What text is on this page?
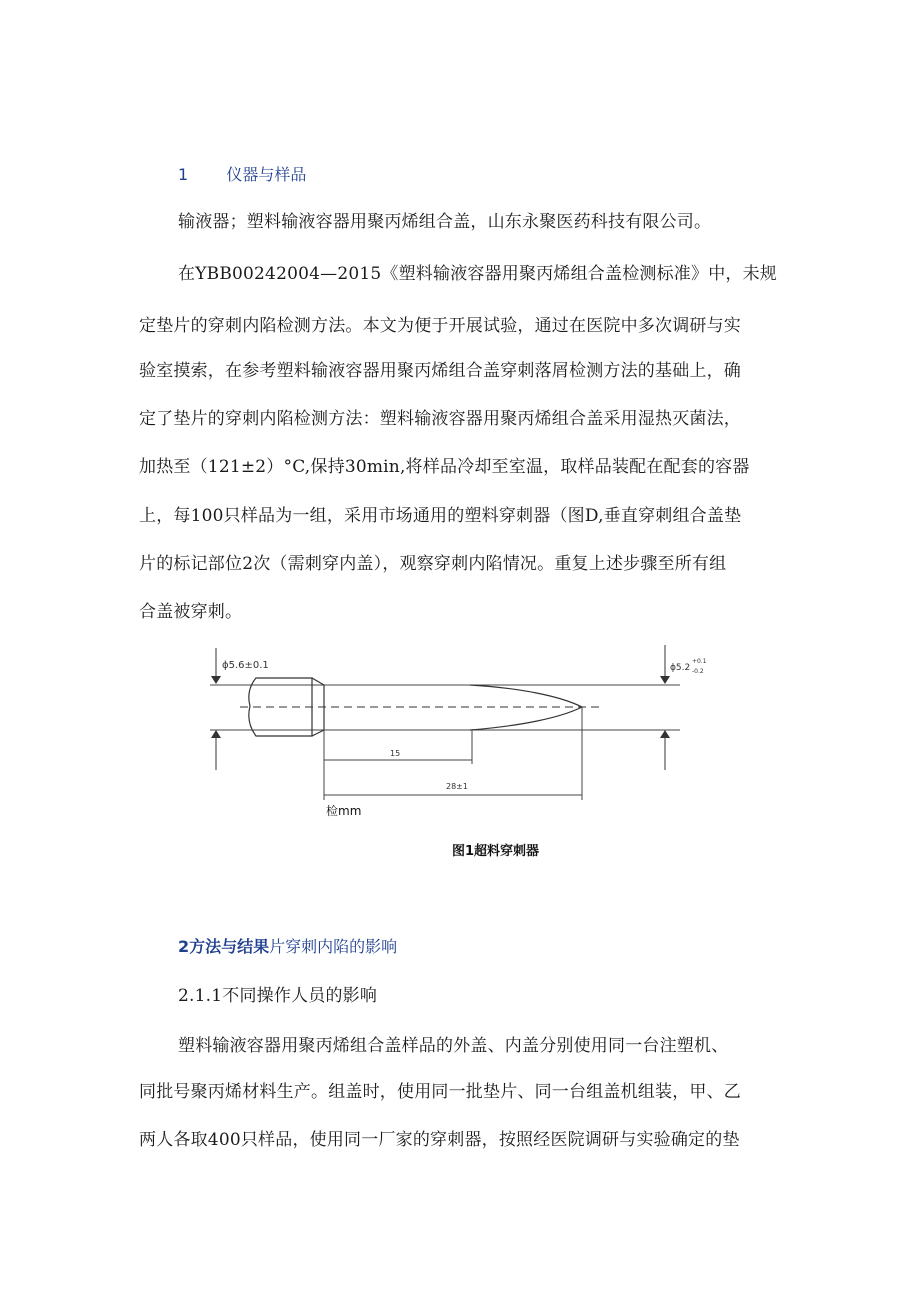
1 仪器与样品
输液器；塑料输液容器用聚丙烯组合盖，山东永聚医药科技有限公司。
在YBB00242004—2015《塑料输液容器用聚丙烯组合盖检测标准》中，未规
定垫片的穿刺内陷检测方法。本文为便于开展试验，通过在医院中多次调研与实
验室摸索，在参考塑料输液容器用聚丙烯组合盖穿刺落屑检测方法的基础上，确
定了垫片的穿刺内陷检测方法：塑料输液容器用聚丙烯组合盖采用湿热灭菌法，
加热至（121±2）°C,保持30min,将样品冷却至室温，取样品装配在配套的容器
上，每100只样品为一组，采用市场通用的塑料穿刺器（图D,垂直穿刺组合盖垫
片的标记部位2次（需刺穿内盖），观察穿刺内陷情况。重复上述步骤至所有组
合盖被穿刺。
ɸ5.6±0.1	ɸ5.2
+0.1
-0.2
15
28±1
检mm
图1超料穿刺器
2方法与结果片穿刺内陷的影响
2.1.1不同操作人员的影响
塑料输液容器用聚丙烯组合盖样品的外盖、内盖分别使用同一台注塑机、
同批号聚丙烯材料生产。组盖时，使用同一批垫片、同一台组盖机组装，甲、乙
两人各取400只样品，使用同一厂家的穿刺器，按照经医院调研与实验确定的垫
